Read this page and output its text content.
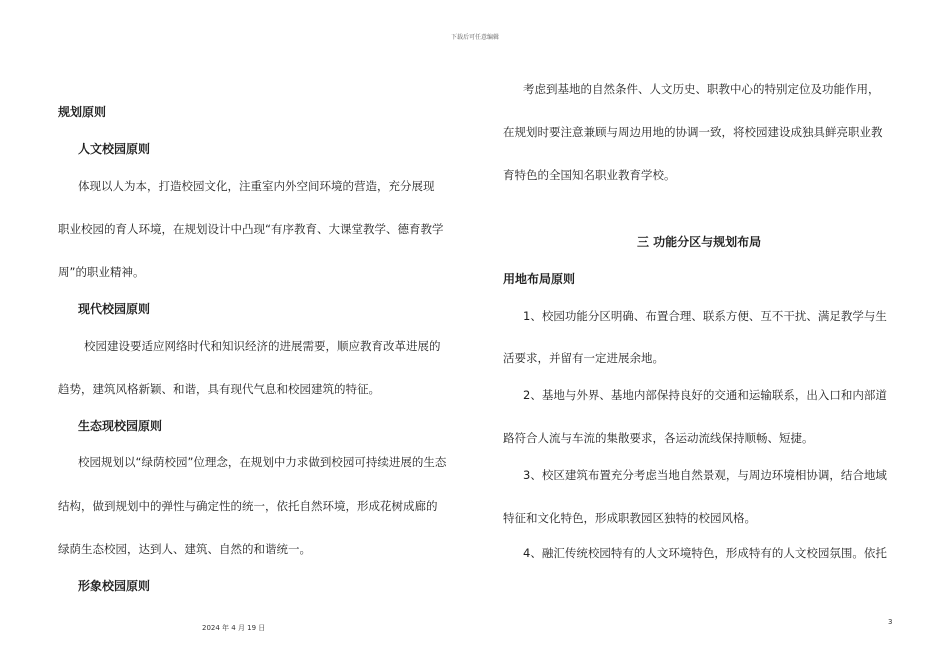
下载后可任意编辑
规划原则
人文校园原则
体现以人为本，打造校园文化，注重室内外空间环境的营造，充分展现
职业校园的育人环境，在规划设计中凸现“有序教育、大课堂教学、德育教学
周”的职业精神。
现代校园原则
校园建设要适应网络时代和知识经济的进展需要，顺应教育改革进展的
趋势，建筑风格新颖、和谐，具有现代气息和校园建筑的特征。
生态现校园原则
校园规划以“绿荫校园”位理念，在规划中力求做到校园可持续进展的生态
结构，做到规划中的弹性与确定性的统一，依托自然环境，形成花树成廊的
绿荫生态校园，达到人、建筑、自然的和谐统一。
形象校园原则
考虑到基地的自然条件、人文历史、职教中心的特别定位及功能作用，
在规划时要注意兼顾与周边用地的协调一致，将校园建设成独具鲜亮职业教
育特色的全国知名职业教育学校。
三 功能分区与规划布局
用地布局原则
1、校园功能分区明确、布置合理、联系方便、互不干扰、满足教学与生
活要求，并留有一定进展余地。
2、基地与外界、基地内部保持良好的交通和运输联系，出入口和内部道
路符合人流与车流的集散要求，各运动流线保持顺畅、短捷。
3、校区建筑布置充分考虑当地自然景观，与周边环境相协调，结合地域
特征和文化特色，形成职教园区独特的校园风格。
4、融汇传统校园特有的人文环境特色，形成特有的人文校园氛围。依托
2024 年 4 月 19 日
3
